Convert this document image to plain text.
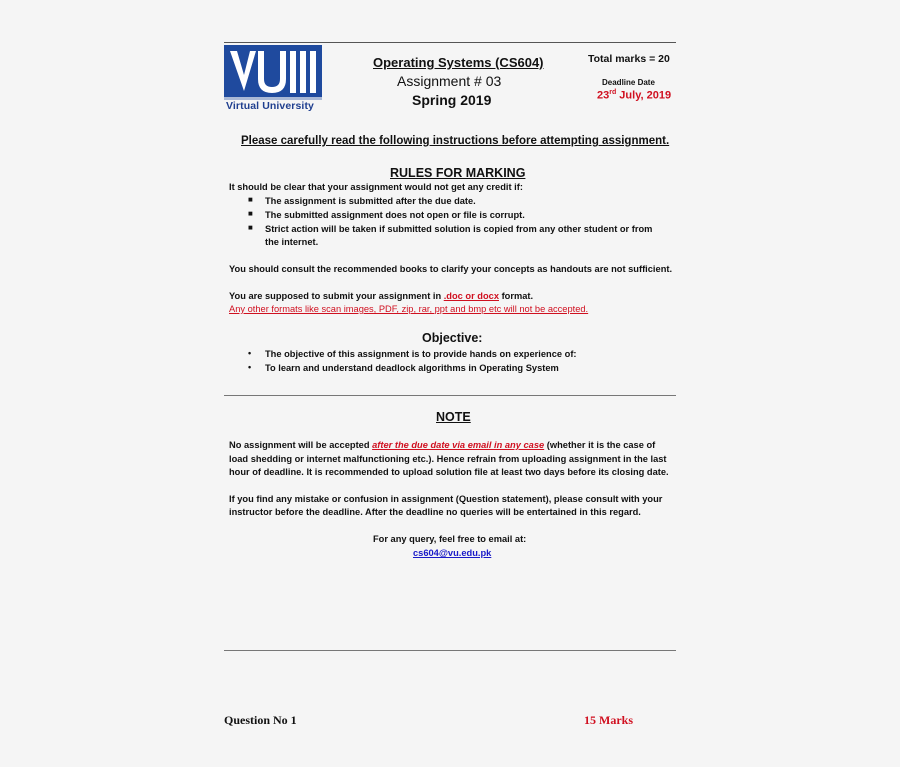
Virtual University
Operating Systems (CS604)
Assignment # 03
Spring 2019
Total marks = 20
Deadline Date
23rd July, 2019
Please carefully read the following instructions before attempting assignment.
RULES FOR MARKING
It should be clear that your assignment would not get any credit if:
■ The assignment is submitted after the due date.
■ The submitted assignment does not open or file is corrupt.
■ Strict action will be taken if submitted solution is copied from any other student or from
the internet.
You should consult the recommended books to clarify your concepts as handouts are not sufficient.
You are supposed to submit your assignment in .doc or docx format.
Any other formats like scan images, PDF, zip, rar, ppt and bmp etc will not be accepted.
Objective:
• The objective of this assignment is to provide hands on experience of:
• To learn and understand deadlock algorithms in Operating System
NOTE
No assignment will be accepted after the due date via email in any case (whether it is the case of
load shedding or internet malfunctioning etc.). Hence refrain from uploading assignment in the last
hour of deadline. It is recommended to upload solution file at least two days before its closing date.
If you find any mistake or confusion in assignment (Question statement), please consult with your
instructor before the deadline. After the deadline no queries will be entertained in this regard.
For any query, feel free to email at:
cs604@vu.edu.pk
Question No 1	15 Marks
